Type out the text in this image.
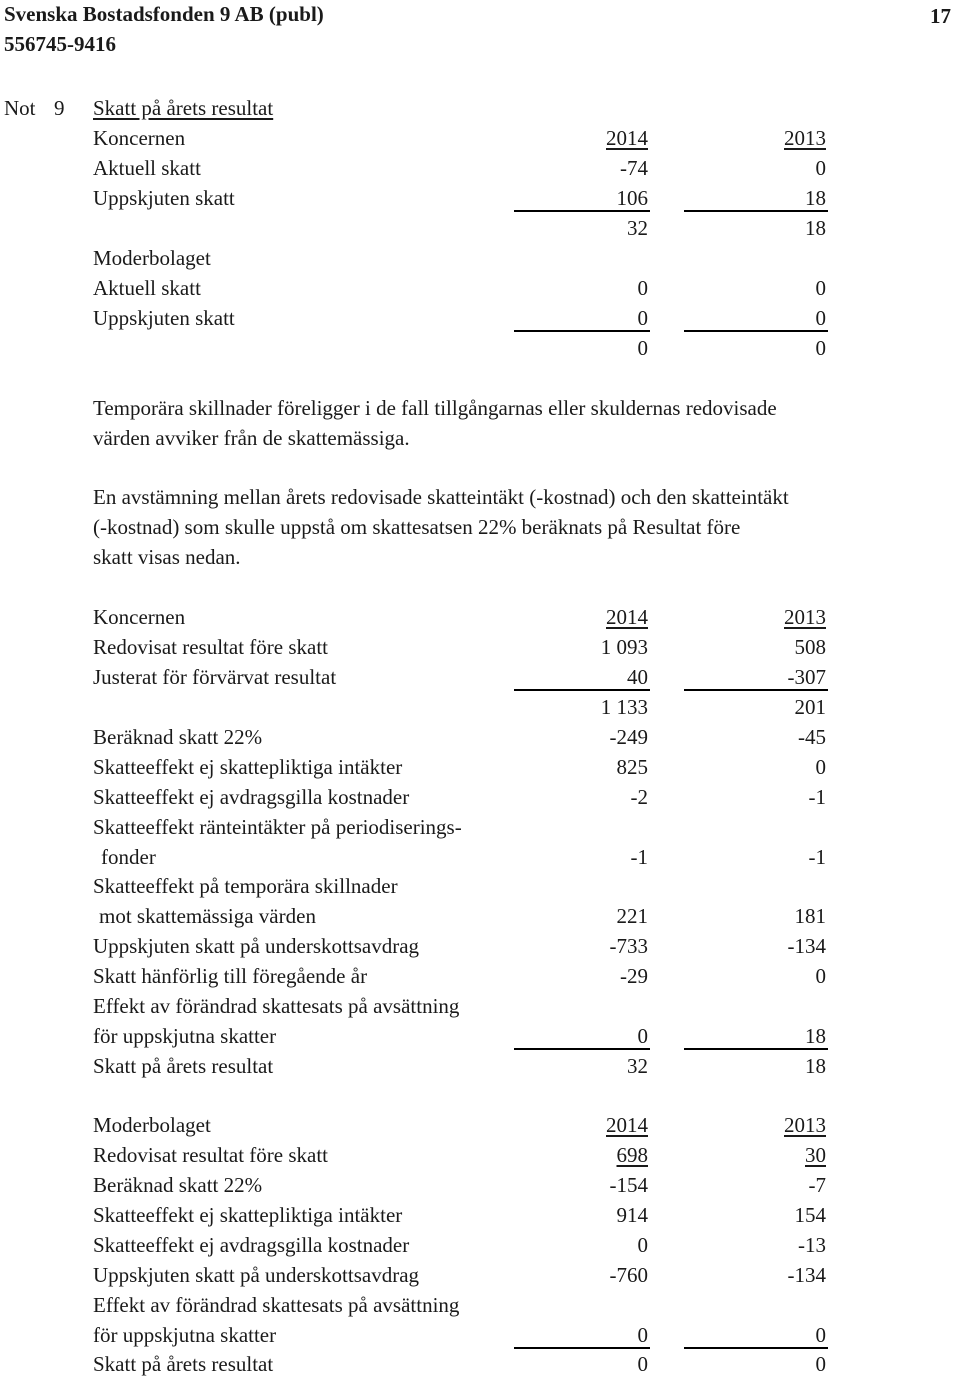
Svenska Bostadsfonden 9 AB (publ)
556745-9416
17
Not 9 Skatt på årets resultat
Koncernen	2014	2013
Aktuell skatt	-74	0
Uppskjuten skatt	106	18
32	18
Moderbolaget
Aktuell skatt	0	0
Uppskjuten skatt	0	0
0	0
Temporära skillnader föreligger i de fall tillgångarnas eller skuldernas redovisade
värden avviker från de skattemässiga.
En avstämning mellan årets redovisade skatteintäkt (-kostnad) och den skatteintäkt
(-kostnad) som skulle uppstå om skattesatsen 22% beräknats på Resultat före
skatt visas nedan.
Koncernen	2014	2013
Redovisat resultat före skatt	1 093	508
Justerat för förvärvat resultat	40	-307
1 133	201
Beräknad skatt 22%	-249	-45
Skatteeffekt ej skattepliktiga intäkter	825	0
Skatteeffekt ej avdragsgilla kostnader	-2	-1
Skatteeffekt ränteintäkter på periodiserings-
fonder	-1	-1
Skatteeffekt på temporära skillnader
mot skattemässiga värden	221	181
Uppskjuten skatt på underskottsavdrag	-733	-134
Skatt hänförlig till föregående år	-29	0
Effekt av förändrad skattesats på avsättning
för uppskjutna skatter	0	18
Skatt på årets resultat	32	18
Moderbolaget	2014	2013
Redovisat resultat före skatt	698	30
Beräknad skatt 22%	-154	-7
Skatteeffekt ej skattepliktiga intäkter	914	154
Skatteeffekt ej avdragsgilla kostnader	0	-13
Uppskjuten skatt på underskottsavdrag	-760	-134
Effekt av förändrad skattesats på avsättning
för uppskjutna skatter	0	0
Skatt på årets resultat	0	0
